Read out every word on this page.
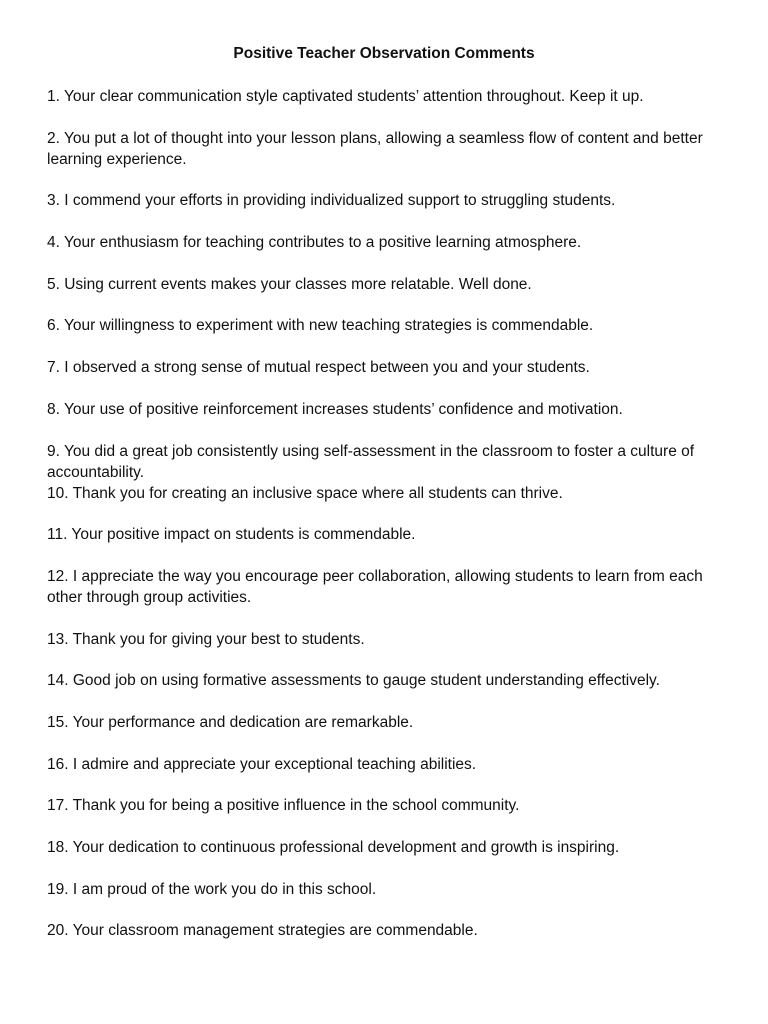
Positive Teacher Observation Comments
1. Your clear communication style captivated students’ attention throughout. Keep it up.
2. You put a lot of thought into your lesson plans, allowing a seamless flow of content and better learning experience.
3. I commend your efforts in providing individualized support to struggling students.
4. Your enthusiasm for teaching contributes to a positive learning atmosphere.
5. Using current events makes your classes more relatable. Well done.
6. Your willingness to experiment with new teaching strategies is commendable.
7. I observed a strong sense of mutual respect between you and your students.
8. Your use of positive reinforcement increases students’ confidence and motivation.
9. You did a great job consistently using self-assessment in the classroom to foster a culture of accountability.
10. Thank you for creating an inclusive space where all students can thrive.
11. Your positive impact on students is commendable.
12. I appreciate the way you encourage peer collaboration, allowing students to learn from each other through group activities.
13. Thank you for giving your best to students.
14. Good job on using formative assessments to gauge student understanding effectively.
15. Your performance and dedication are remarkable.
16. I admire and appreciate your exceptional teaching abilities.
17. Thank you for being a positive influence in the school community.
18. Your dedication to continuous professional development and growth is inspiring.
19. I am proud of the work you do in this school.
20. Your classroom management strategies are commendable.
